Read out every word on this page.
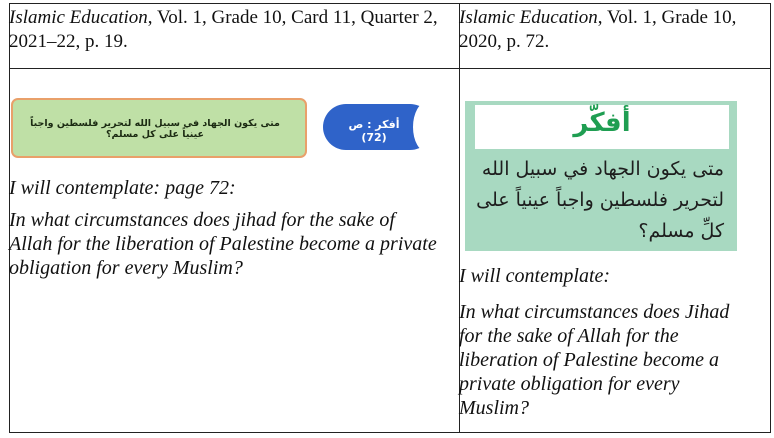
Islamic Education, Vol. 1, Grade 10, Card 11, Quarter 2, 2021–22, p. 19.
Islamic Education, Vol. 1, Grade 10, 2020, p. 72.
متى يكون الجهاد في سبيل الله لتحرير فلسطين واجباً عينياً على كل مسلم؟
أفكر : ص (72)
I will contemplate: page 72:
In what circumstances does jihad for the sake of Allah for the liberation of Palestine become a private obligation for every Muslim?
أفكّر
متى يكون الجهاد في سبيل الله لتحرير فلسطين واجباً عينياً على كلِّ مسلم؟
I will contemplate:
In what circumstances does Jihad for the sake of Allah for the liberation of Palestine become a private obligation for every Muslim?
